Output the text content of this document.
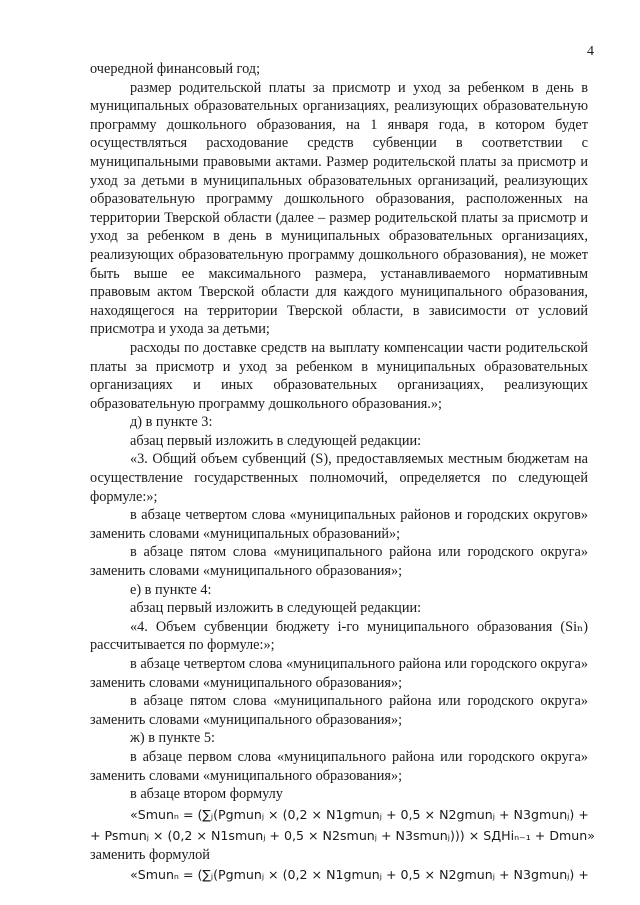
4

очередной финансовый год;

размер родительской платы за присмотр и уход за ребенком в день в муниципальных образовательных организациях, реализующих образовательную программу дошкольного образования, на 1 января года, в котором будет осуществляться расходование средств субвенции в соответствии с муниципальными правовыми актами. Размер родительской платы за присмотр и уход за детьми в муниципальных образовательных организаций, реализующих образовательную программу дошкольного образования, расположенных на территории Тверской области (далее – размер родительской платы за присмотр и уход за ребенком в день в муниципальных образовательных организациях, реализующих образовательную программу дошкольного образования), не может быть выше ее максимального размера, устанавливаемого нормативным правовым актом Тверской области для каждого муниципального образования, находящегося на территории Тверской области, в зависимости от условий присмотра и ухода за детьми;

расходы по доставке средств на выплату компенсации части родительской платы за присмотр и уход за ребенком в муниципальных образовательных организациях и иных образовательных организациях, реализующих образовательную программу дошкольного образования.»;

д) в пункте 3:

абзац первый изложить в следующей редакции:

«3. Общий объем субвенций (S), предоставляемых местным бюджетам на осуществление государственных полномочий, определяется по следующей формуле:»;

в абзаце четвертом слова «муниципальных районов и городских округов» заменить словами «муниципальных образований»;

в абзаце пятом слова «муниципального района или городского округа» заменить словами «муниципального образования»;

е) в пункте 4:

абзац первый изложить в следующей редакции:

«4. Объем субвенции бюджету i-го муниципального образования (Siₙ) рассчитывается по формуле:»;

в абзаце четвертом слова «муниципального района или городского округа» заменить словами «муниципального образования»;

в абзаце пятом слова «муниципального района или городского округа» заменить словами «муниципального образования»;

ж) в пункте 5:

в абзаце первом слова «муниципального района или городского округа» заменить словами «муниципального образования»;

в абзаце втором формулу

«Smunₙ = (∑ⱼ(Pgmunⱼ × (0,2 × N1gmunⱼ + 0,5 × N2gmunⱼ + N3gmunⱼ) +

+ Psmunⱼ × (0,2 × N1smunⱼ + 0,5 × N2smunⱼ + N3smunⱼ))) × SДHiₙ₋₁ + Dmun»

заменить формулой

«Smunₙ = (∑ⱼ(Pgmunⱼ × (0,2 × N1gmunⱼ + 0,5 × N2gmunⱼ + N3gmunⱼ) +
